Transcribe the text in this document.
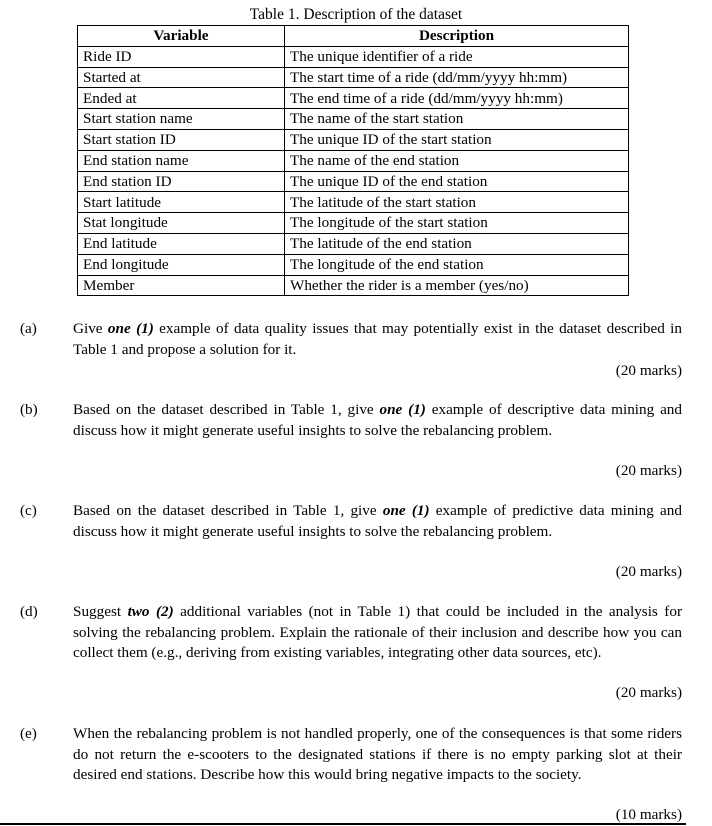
Table 1. Description of the dataset
Variable	Description
Ride ID	The unique identifier of a ride
Started at	The start time of a ride (dd/mm/yyyy hh:mm)
Ended at	The end time of a ride (dd/mm/yyyy hh:mm)
Start station name	The name of the start station
Start station ID	The unique ID of the start station
End station name	The name of the end station
End station ID	The unique ID of the end station
Start latitude	The latitude of the start station
Stat longitude	The longitude of the start station
End latitude	The latitude of the end station
End longitude	The longitude of the end station
Member	Whether the rider is a member (yes/no)
(a) Give one (1) example of data quality issues that may potentially exist in the dataset described in Table 1 and propose a solution for it.
(20 marks)
(b) Based on the dataset described in Table 1, give one (1) example of descriptive data mining and discuss how it might generate useful insights to solve the rebalancing problem.
(20 marks)
(c) Based on the dataset described in Table 1, give one (1) example of predictive data mining and discuss how it might generate useful insights to solve the rebalancing problem.
(20 marks)
(d) Suggest two (2) additional variables (not in Table 1) that could be included in the analysis for solving the rebalancing problem. Explain the rationale of their inclusion and describe how you can collect them (e.g., deriving from existing variables, integrating other data sources, etc).
(20 marks)
(e) When the rebalancing problem is not handled properly, one of the consequences is that some riders do not return the e-scooters to the designated stations if there is no empty parking slot at their desired end stations. Describe how this would bring negative impacts to the society.
(10 marks)
